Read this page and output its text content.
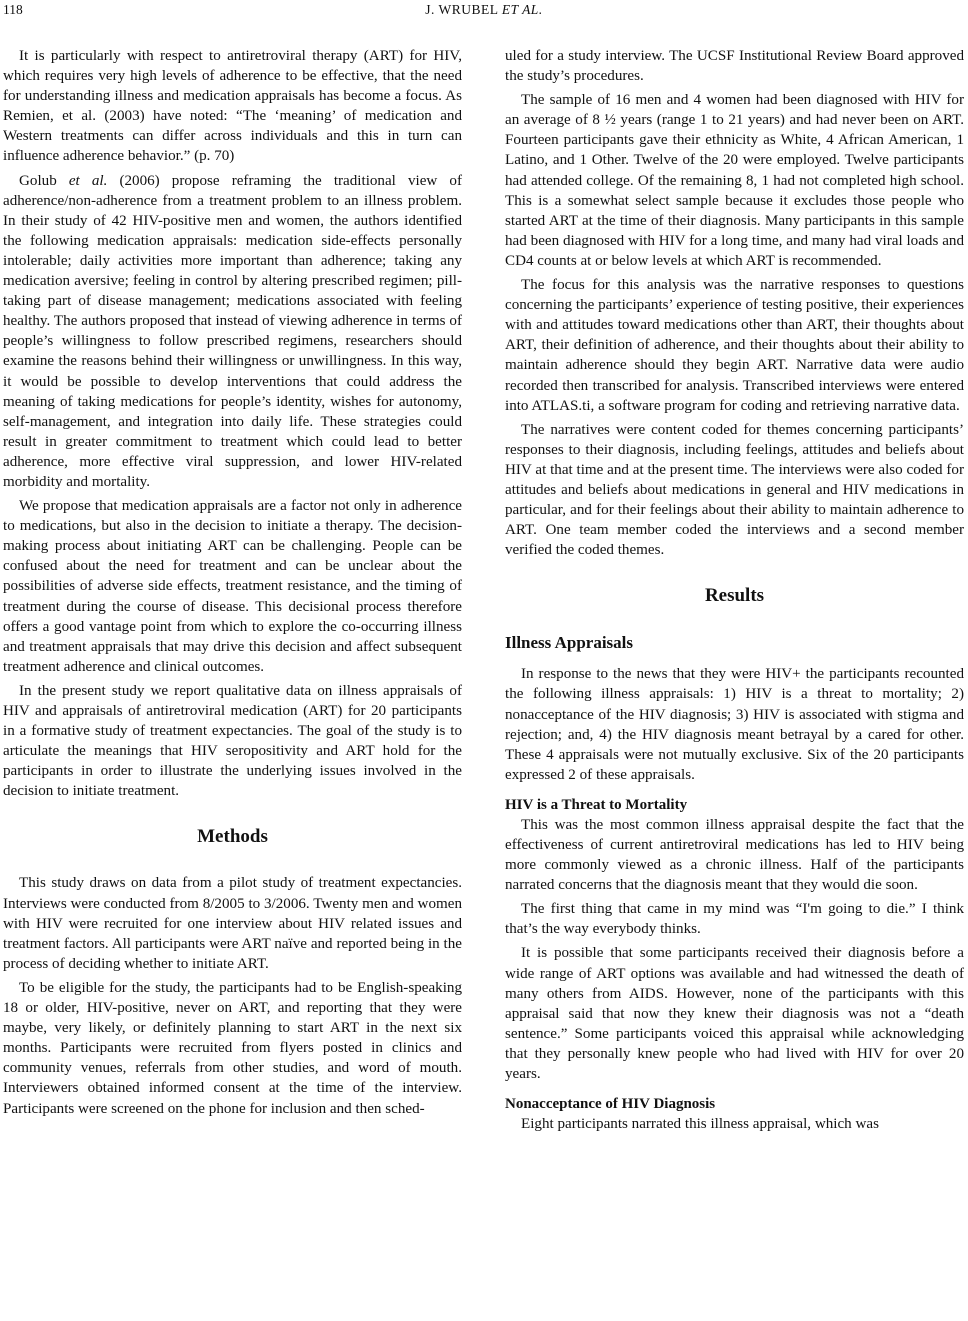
118	J. WRUBEL ET AL.

It is particularly with respect to antiretroviral therapy (ART) for HIV, which requires very high levels of adherence to be effective, that the need for understanding illness and medication appraisals has become a focus. As Remien, et al. (2003) have noted: “The ‘meaning’ of medication and Western treatments can differ across individuals and this in turn can influence adherence behavior.” (p. 70)

Golub et al. (2006) propose reframing the traditional view of adherence/non-adherence from a treatment problem to an illness problem. In their study of 42 HIV-positive men and women, the authors identified the following medication appraisals: medication side-effects personally intolerable; daily activities more important than adherence; taking any medication aversive; feeling in control by altering prescribed regimen; pill-taking part of disease management; medications associated with feeling healthy. The authors proposed that instead of viewing adherence in terms of people’s willingness to follow prescribed regimens, researchers should examine the reasons behind their willingness or unwillingness. In this way, it would be possible to develop interventions that could address the meaning of taking medications for people’s identity, wishes for autonomy, self-management, and integration into daily life. These strategies could result in greater commitment to treatment which could lead to better adherence, more effective viral suppression, and lower HIV-related morbidity and mortality.

We propose that medication appraisals are a factor not only in adherence to medications, but also in the decision to initiate a therapy. The decision-making process about initiating ART can be challenging. People can be confused about the need for treatment and can be unclear about the possibilities of adverse side effects, treatment resistance, and the timing of treatment during the course of disease. This decisional process therefore offers a good vantage point from which to explore the co-occurring illness and treatment appraisals that may drive this decision and affect subsequent treatment adherence and clinical outcomes.

In the present study we report qualitative data on illness appraisals of HIV and appraisals of antiretroviral medication (ART) for 20 participants in a formative study of treatment expectancies. The goal of the study is to articulate the meanings that HIV seropositivity and ART hold for the participants in order to illustrate the underlying issues involved in the decision to initiate treatment.

Methods

This study draws on data from a pilot study of treatment expectancies. Interviews were conducted from 8/2005 to 3/2006. Twenty men and women with HIV were recruited for one interview about HIV related issues and treatment factors. All participants were ART naïve and reported being in the process of deciding whether to initiate ART.

To be eligible for the study, the participants had to be English-speaking 18 or older, HIV-positive, never on ART, and reporting that they were maybe, very likely, or definitely planning to start ART in the next six months. Participants were recruited from flyers posted in clinics and community venues, referrals from other studies, and word of mouth. Interviewers obtained informed consent at the time of the interview. Participants were screened on the phone for inclusion and then sched-

uled for a study interview. The UCSF Institutional Review Board approved the study’s procedures.

The sample of 16 men and 4 women had been diagnosed with HIV for an average of 8 ½ years (range 1 to 21 years) and had never been on ART. Fourteen participants gave their ethnicity as White, 4 African American, 1 Latino, and 1 Other. Twelve of the 20 were employed. Twelve participants had attended college. Of the remaining 8, 1 had not completed high school. This is a somewhat select sample because it excludes those people who started ART at the time of their diagnosis. Many participants in this sample had been diagnosed with HIV for a long time, and many had viral loads and CD4 counts at or below levels at which ART is recommended.

The focus for this analysis was the narrative responses to questions concerning the participants’ experience of testing positive, their experiences with and attitudes toward medications other than ART, their thoughts about ART, their definition of adherence, and their thoughts about their ability to maintain adherence should they begin ART. Narrative data were audio recorded then transcribed for analysis. Transcribed interviews were entered into ATLAS.ti, a software program for coding and retrieving narrative data.

The narratives were content coded for themes concerning participants’ responses to their diagnosis, including feelings, attitudes and beliefs about HIV at that time and at the present time. The interviews were also coded for attitudes and beliefs about medications in general and HIV medications in particular, and for their feelings about their ability to maintain adherence to ART. One team member coded the interviews and a second member verified the coded themes.

Results
Illness Appraisals

In response to the news that they were HIV+ the participants recounted the following illness appraisals: 1) HIV is a threat to mortality; 2) nonacceptance of the HIV diagnosis; 3) HIV is associated with stigma and rejection; and, 4) the HIV diagnosis meant betrayal by a cared for other. These 4 appraisals were not mutually exclusive. Six of the 20 participants expressed 2 of these appraisals.

HIV is a Threat to Mortality

This was the most common illness appraisal despite the fact that the effectiveness of current antiretroviral medications has led to HIV being more commonly viewed as a chronic illness. Half of the participants narrated concerns that the diagnosis meant that they would die soon.

The first thing that came in my mind was “I'm going to die.” I think that’s the way everybody thinks.

It is possible that some participants received their diagnosis before a wide range of ART options was available and had witnessed the death of many others from AIDS. However, none of the participants with this appraisal said that now they knew their diagnosis was not a “death sentence.” Some participants voiced this appraisal while acknowledging that they personally knew people who had lived with HIV for over 20 years.

Nonacceptance of HIV Diagnosis

Eight participants narrated this illness appraisal, which was
